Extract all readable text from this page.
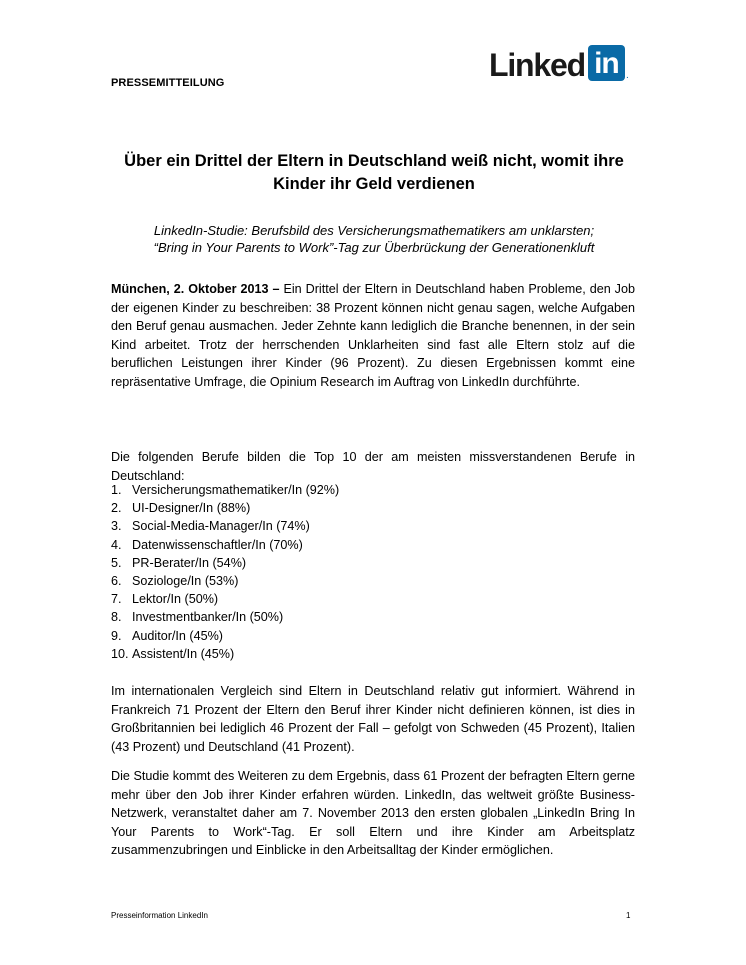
PRESSEMITTEILUNG	Linked in .
Über ein Drittel der Eltern in Deutschland weiß nicht, womit ihre Kinder ihr Geld verdienen
LinkedIn-Studie: Berufsbild des Versicherungsmathematikers am unklarsten;
“Bring in Your Parents to Work”-Tag zur Überbrückung der Generationenkluft

München, 2. Oktober 2013 – Ein Drittel der Eltern in Deutschland haben Probleme, den Job der eigenen Kinder zu beschreiben: 38 Prozent können nicht genau sagen, welche Aufgaben den Beruf genau ausmachen. Jeder Zehnte kann lediglich die Branche benennen, in der sein Kind arbeitet. Trotz der herrschenden Unklarheiten sind fast alle Eltern stolz auf die beruflichen Leistungen ihrer Kinder (96 Prozent). Zu diesen Ergebnissen kommt eine repräsentative Umfrage, die Opinium Research im Auftrag von LinkedIn durchführte.

Die folgenden Berufe bilden die Top 10 der am meisten missverstandenen Berufe in Deutschland:

1. Versicherungsmathematiker/In (92%)
2. UI-Designer/In (88%)
3. Social-Media-Manager/In (74%)
4. Datenwissenschaftler/In (70%)
5. PR-Berater/In (54%)
6. Soziologe/In (53%)
7. Lektor/In (50%)
8. Investmentbanker/In (50%)
9. Auditor/In (45%)
10. Assistent/In (45%)

Im internationalen Vergleich sind Eltern in Deutschland relativ gut informiert. Während in Frankreich 71 Prozent der Eltern den Beruf ihrer Kinder nicht definieren können, ist dies in Großbritannien bei lediglich 46 Prozent der Fall – gefolgt von Schweden (45 Prozent), Italien (43 Prozent) und Deutschland (41 Prozent).

Die Studie kommt des Weiteren zu dem Ergebnis, dass 61 Prozent der befragten Eltern gerne mehr über den Job ihrer Kinder erfahren würden. LinkedIn, das weltweit größte Business-Netzwerk, veranstaltet daher am 7. November 2013 den ersten globalen „LinkedIn Bring In Your Parents to Work“-Tag. Er soll Eltern und ihre Kinder am Arbeitsplatz zusammenzubringen und Einblicke in den Arbeitsalltag der Kinder ermöglichen.

Presseinformation LinkedIn	1
